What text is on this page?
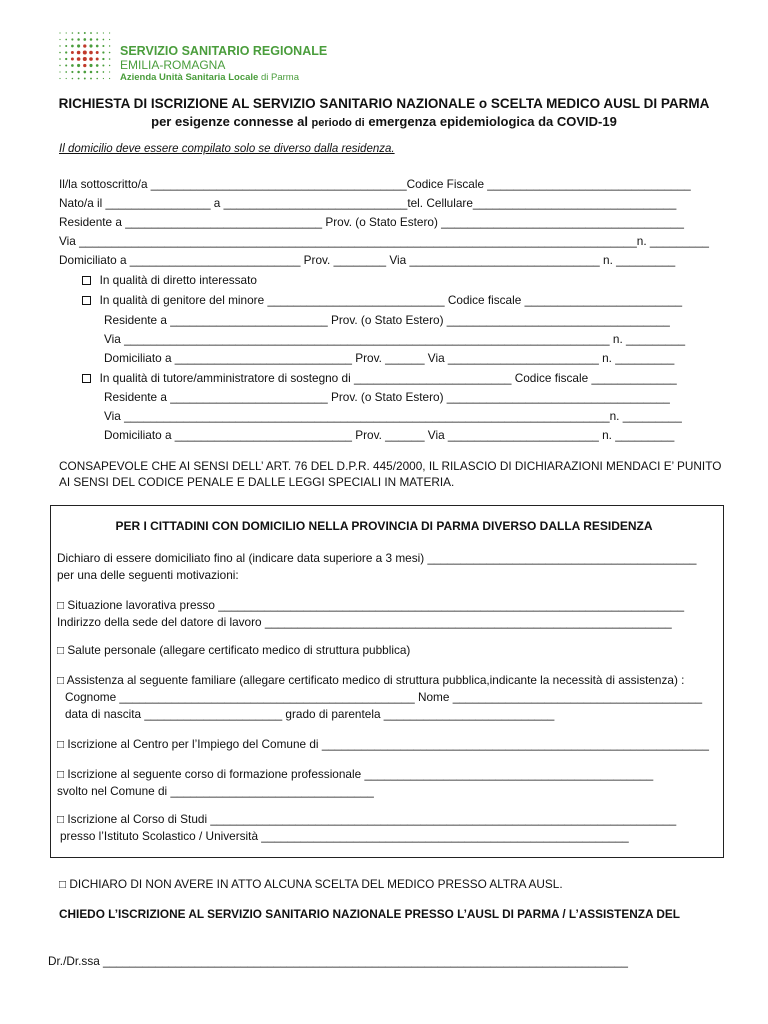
SERVIZIO SANITARIO REGIONALE
EMILIA-ROMAGNA
Azienda Unità Sanitaria Locale di Parma
RICHIESTA DI ISCRIZIONE AL SERVIZIO SANITARIO NAZIONALE o SCELTA MEDICO AUSL DI PARMA
per esigenze connesse al periodo di emergenza epidemiologica da COVID-19
Il domicilio deve essere compilato solo se diverso dalla residenza.
Il/la sottoscritto/a _______________________________________Codice Fiscale _______________________________
Nato/a il ________________ a ____________________________tel. Cellulare_______________________________
Residente a ______________________________ Prov. (o Stato Estero) _____________________________________
Via _____________________________________________________________________________________n. _________
Domiciliato a __________________________ Prov. ________ Via _____________________________ n. _________
In qualità di diretto interessato
In qualità di genitore del minore ___________________________ Codice fiscale ________________________
Residente a ________________________ Prov. (o Stato Estero) __________________________________
Via __________________________________________________________________________ n. _________
Domiciliato a ___________________________ Prov. ______ Via _______________________ n. _________
In qualità di tutore/amministratore di sostegno di ________________________ Codice fiscale _____________
Residente a ________________________ Prov. (o Stato Estero) __________________________________
Via __________________________________________________________________________n. _________
Domiciliato a ___________________________ Prov. ______ Via _______________________ n. _________
CONSAPEVOLE CHE AI SENSI DELL’ ART. 76 DEL D.P.R. 445/2000, IL RILASCIO DI DICHIARAZIONI MENDACI E’ PUNITO
AI SENSI DEL CODICE PENALE E DALLE LEGGI SPECIALI IN MATERIA.
PER I CITTADINI CON DOMICILIO NELLA PROVINCIA DI PARMA DIVERSO DALLA RESIDENZA
Dichiaro di essere domiciliato fino al (indicare data superiore a 3 mesi) _________________________________________
per una delle seguenti motivazioni:
□ Situazione lavorativa presso _______________________________________________________________________
Indirizzo della sede del datore di lavoro ______________________________________________________________
□ Salute personale (allegare certificato medico di struttura pubblica)
□ Assistenza al seguente familiare (allegare certificato medico di struttura pubblica,indicante la necessità di assistenza) :
Cognome _____________________________________________ Nome ______________________________________
data di nascita _____________________ grado di parentela __________________________
□ Iscrizione al Centro per l’Impiego del Comune di ___________________________________________________________
□ Iscrizione al seguente corso di formazione professionale ____________________________________________
svolto nel Comune di _______________________________
□ Iscrizione al Corso di Studi _______________________________________________________________________
presso l’Istituto Scolastico / Università ________________________________________________________
□ DICHIARO DI NON AVERE IN ATTO ALCUNA SCELTA DEL MEDICO PRESSO ALTRA AUSL.
CHIEDO L’ISCRIZIONE AL SERVIZIO SANITARIO NAZIONALE PRESSO L’AUSL DI PARMA / L’ASSISTENZA DEL
Dr./Dr.ssa ________________________________________________________________________________
